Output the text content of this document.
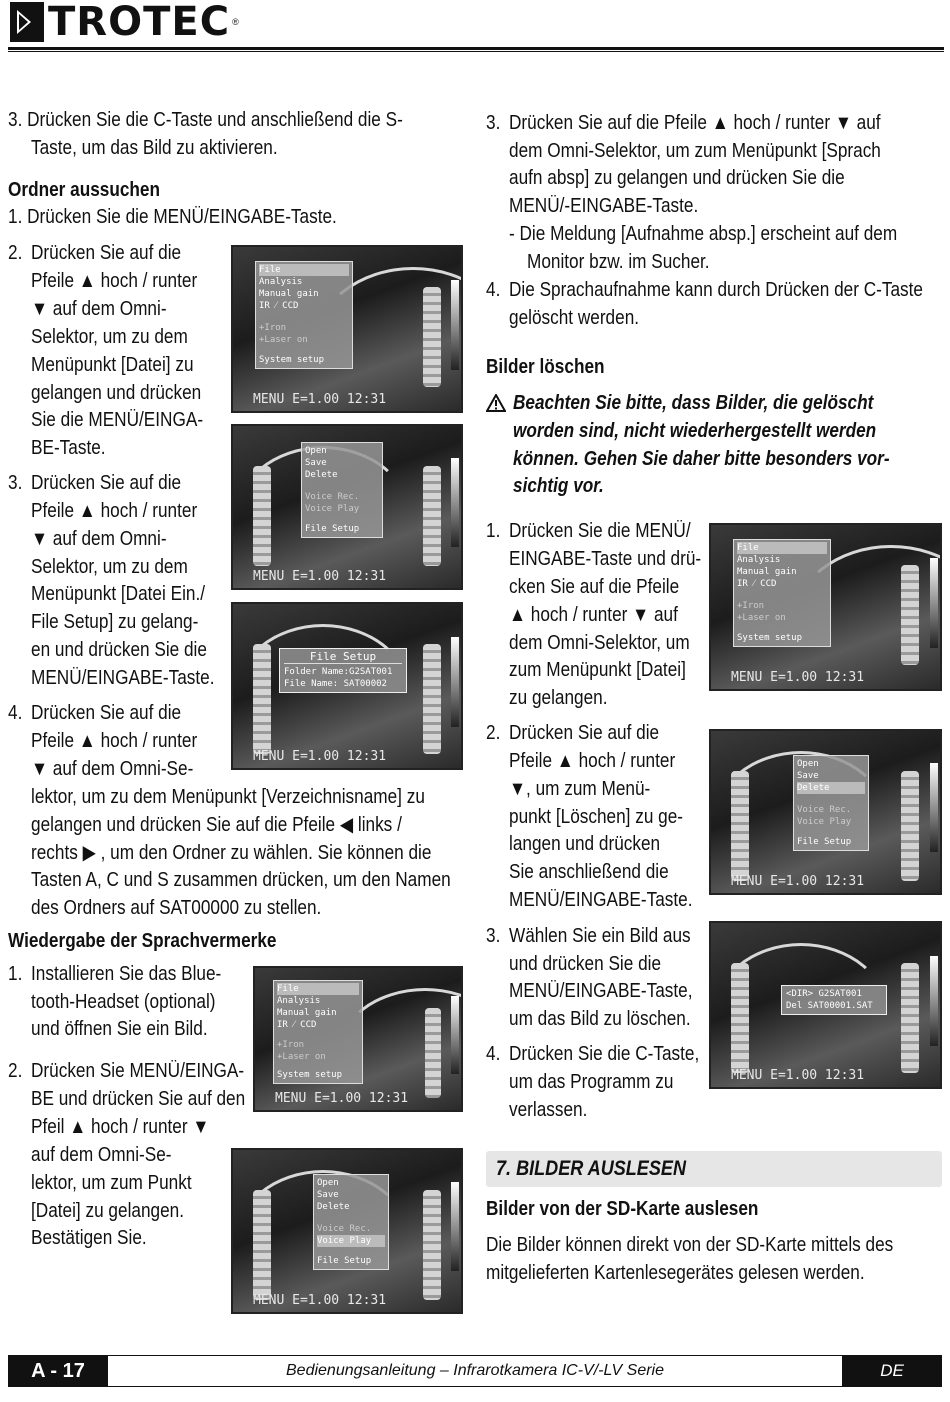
TROTEC ®
3. Drücken Sie die C-Taste und anschließend die S-
Taste, um das Bild zu aktivieren.
Ordner aussuchen
1. Drücken Sie die MENÜ/EINGABE-Taste.
2. Drücken Sie auf die
Pfeile ▲ hoch / runter
▼ auf dem Omni-
Selektor, um zu dem
Menüpunkt [Datei] zu
gelangen und drücken
Sie die MENÜ/EINGA-
BE-Taste.
3. Drücken Sie auf die
Pfeile ▲ hoch / runter
▼ auf dem Omni-
Selektor, um zu dem
Menüpunkt [Datei Ein./
File Setup] zu gelang-
en und drücken Sie die
MENÜ/EINGABE-Taste.
4. Drücken Sie auf die
Pfeile ▲ hoch / runter
▼ auf dem Omni-Se-
lektor, um zu dem Menüpunkt [Verzeichnisname] zu
gelangen und drücken Sie auf die Pfeile ◀ links /
rechts ▶ , um den Ordner zu wählen. Sie können die
Tasten A, C und S zusammen drücken, um den Namen
des Ordners auf SAT00000 zu stellen.
Wiedergabe der Sprachvermerke
1. Installieren Sie das Blue-
tooth-Headset (optional)
und öffnen Sie ein Bild.
2. Drücken Sie MENÜ/EINGA-
BE und drücken Sie auf den
Pfeil ▲ hoch / runter ▼
auf dem Omni-Se-
lektor, um zum Punkt
[Datei] zu gelangen.
Bestätigen Sie.
File
Analysis
Manual gain
IR ⁄ CCD
+Iron
+Laser on
System setup
MENU E=1.00 12:31
Open
Save
Delete
Voice Rec.
Voice Play
File Setup
MENU E=1.00 12:31
File Setup
Folder Name:G2SAT001
File Name: SAT00002
MENU E=1.00 12:31
File
Analysis
Manual gain
IR ⁄ CCD
+Iron
+Laser on
System setup
MENU E=1.00 12:31
Open
Save
Delete
Voice Rec.
Voice Play
File Setup
MENU E=1.00 12:31
3. Drücken Sie auf die Pfeile ▲ hoch / runter ▼ auf
dem Omni-Selektor, um zum Menüpunkt [Sprach
aufn absp] zu gelangen und drücken Sie die
MENÜ/-EINGABE-Taste.
- Die Meldung [Aufnahme absp.] erscheint auf dem
Monitor bzw. im Sucher.
4. Die Sprachaufnahme kann durch Drücken der C-Taste
gelöscht werden.
Bilder löschen
Beachten Sie bitte, dass Bilder, die gelöscht
worden sind, nicht wiederhergestellt werden
können. Gehen Sie daher bitte besonders vor-
sichtig vor.
1. Drücken Sie die MENÜ/
EINGABE-Taste und drü-
cken Sie auf die Pfeile
▲ hoch / runter ▼ auf
dem Omni-Selektor, um
zum Menüpunkt [Datei]
zu gelangen.
2. Drücken Sie auf die
Pfeile ▲ hoch / runter
▼, um zum Menü-
punkt [Löschen] zu ge-
langen und drücken
Sie anschließend die
MENÜ/EINGABE-Taste.
3. Wählen Sie ein Bild aus
und drücken Sie die
MENÜ/EINGABE-Taste,
um das Bild zu löschen.
4. Drücken Sie die C-Taste,
um das Programm zu
verlassen.
File
Analysis
Manual gain
IR ⁄ CCD
+Iron
+Laser on
System setup
MENU E=1.00 12:31
Open
Save
Delete
Voice Rec.
Voice Play
File Setup
MENU E=1.00 12:31
<DIR> G2SAT001
Del SAT00001.SAT
MENU E=1.00 12:31
7. BILDER AUSLESEN
Bilder von der SD-Karte auslesen
Die Bilder können direkt von der SD-Karte mittels des
mitgelieferten Kartenlesegerätes gelesen werden.
A - 17	Bedienungsanleitung – Infrarotkamera IC-V/-LV Serie	DE
